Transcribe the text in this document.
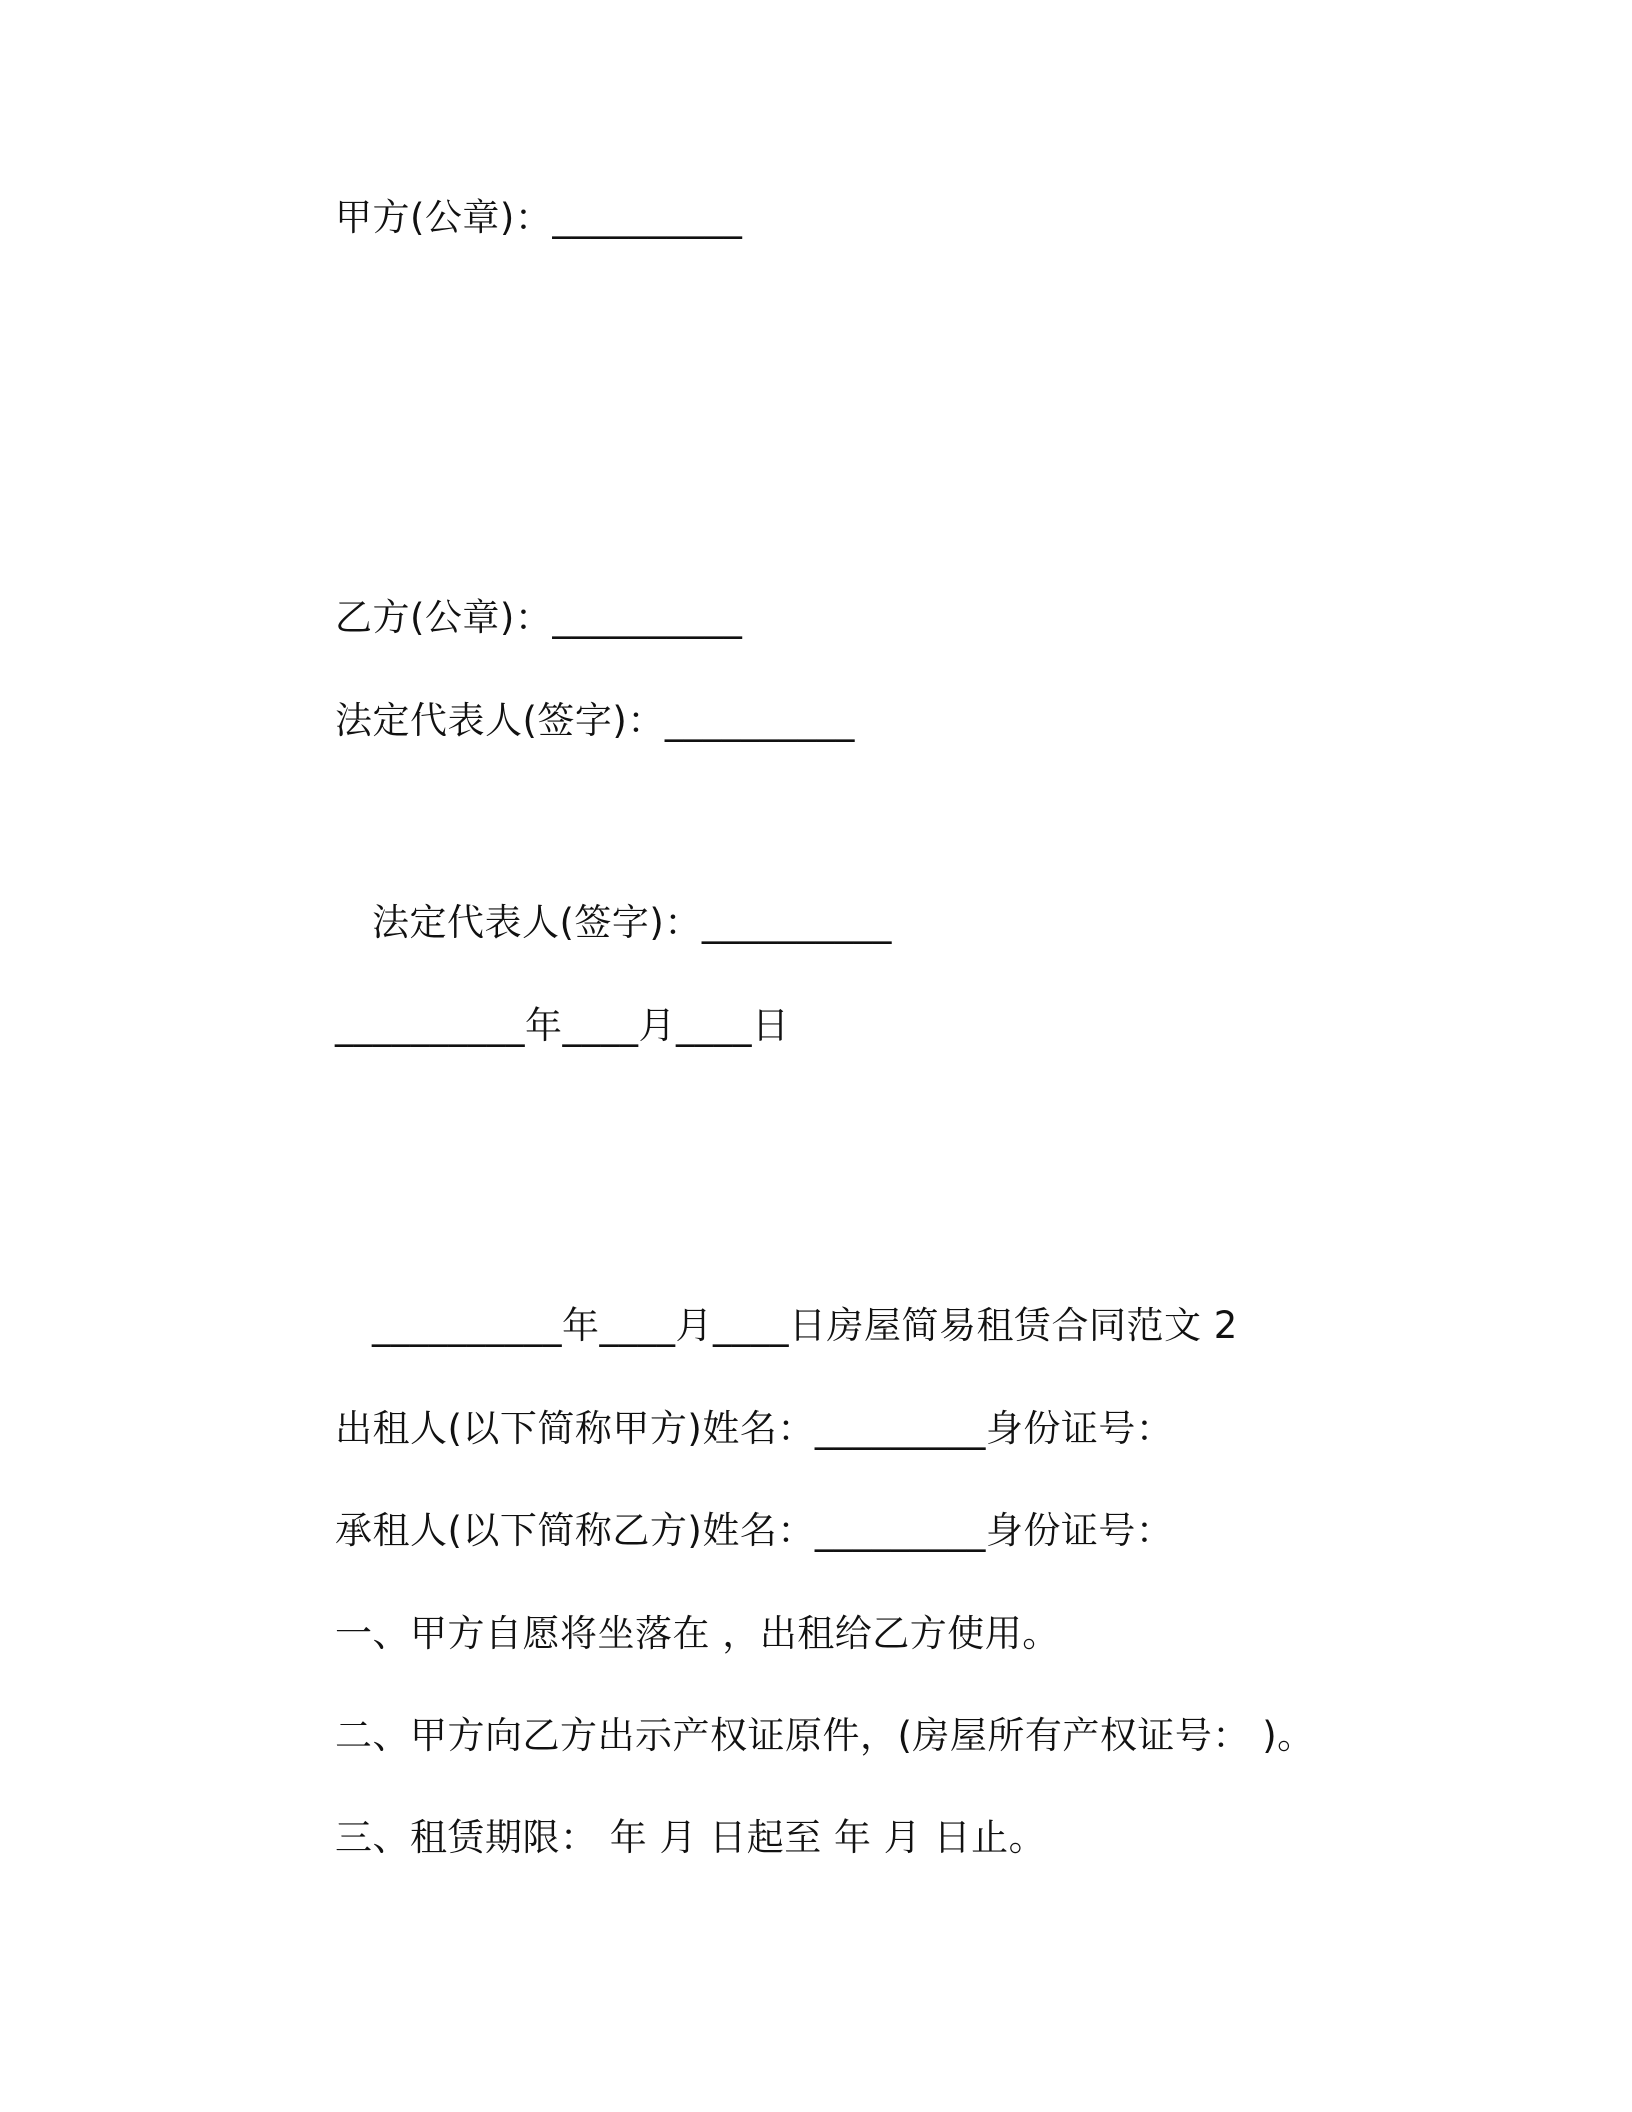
甲方(公章)：__________
乙方(公章)：__________
法定代表人(签字)：__________
法定代表人(签字)：__________
__________年____月____日
__________年____月____日房屋简易租赁合同范文 2
出租人(以下简称甲方)姓名：_________身份证号：
承租人(以下简称乙方)姓名：_________身份证号：
一、甲方自愿将坐落在 ，出租给乙方使用。
二、甲方向乙方出示产权证原件，(房屋所有产权证号： )。
三、租赁期限： 年 月 日起至 年 月 日止。
